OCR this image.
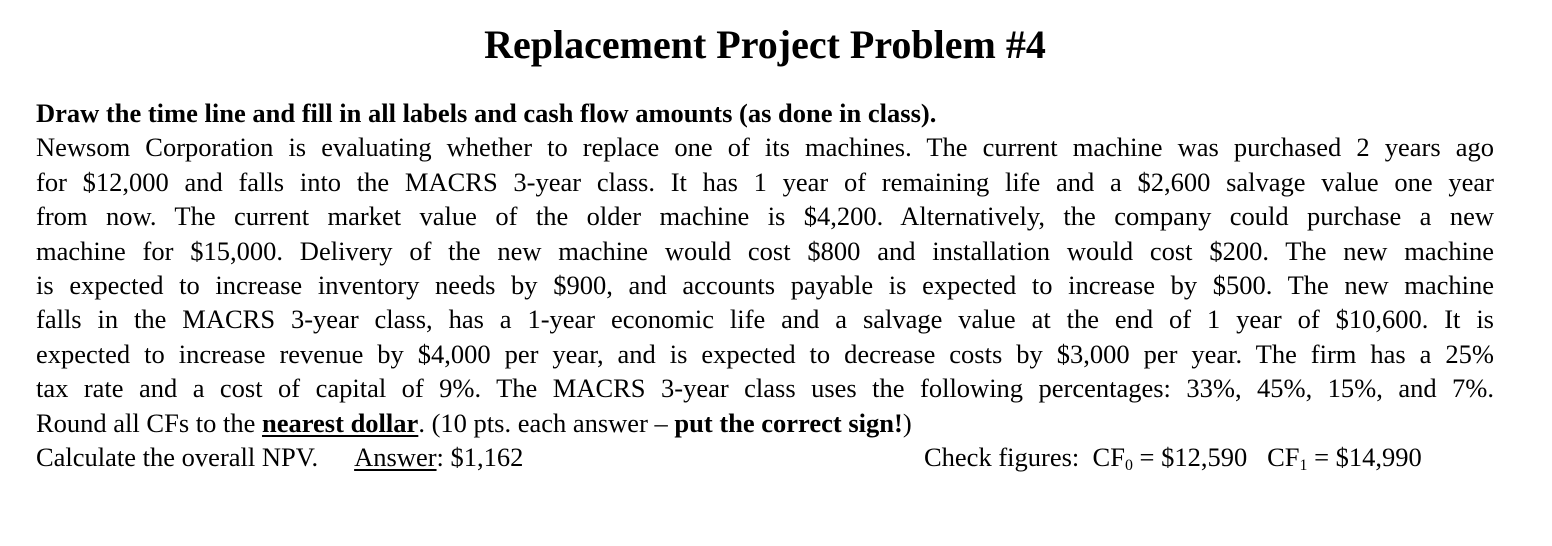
Replacement Project Problem #4
Draw the time line and fill in all labels and cash flow amounts (as done in class).
Newsom Corporation is evaluating whether to replace one of its machines. The current machine was purchased 2 years ago
for $12,000 and falls into the MACRS 3-year class. It has 1 year of remaining life and a $2,600 salvage value one year
from now. The current market value of the older machine is $4,200. Alternatively, the company could purchase a new
machine for $15,000. Delivery of the new machine would cost $800 and installation would cost $200. The new machine
is expected to increase inventory needs by $900, and accounts payable is expected to increase by $500. The new machine
falls in the MACRS 3-year class, has a 1-year economic life and a salvage value at the end of 1 year of $10,600. It is
expected to increase revenue by $4,000 per year, and is expected to decrease costs by $3,000 per year. The firm has a 25%
tax rate and a cost of capital of 9%. The MACRS 3-year class uses the following percentages: 33%, 45%, 15%, and 7%.
Round all CFs to the nearest dollar. (10 pts. each answer – put the correct sign!)
Calculate the overall NPV. Answer: $1,162	Check figures: $CF_0$ = $12,590 $CF_1$ = $14,990
